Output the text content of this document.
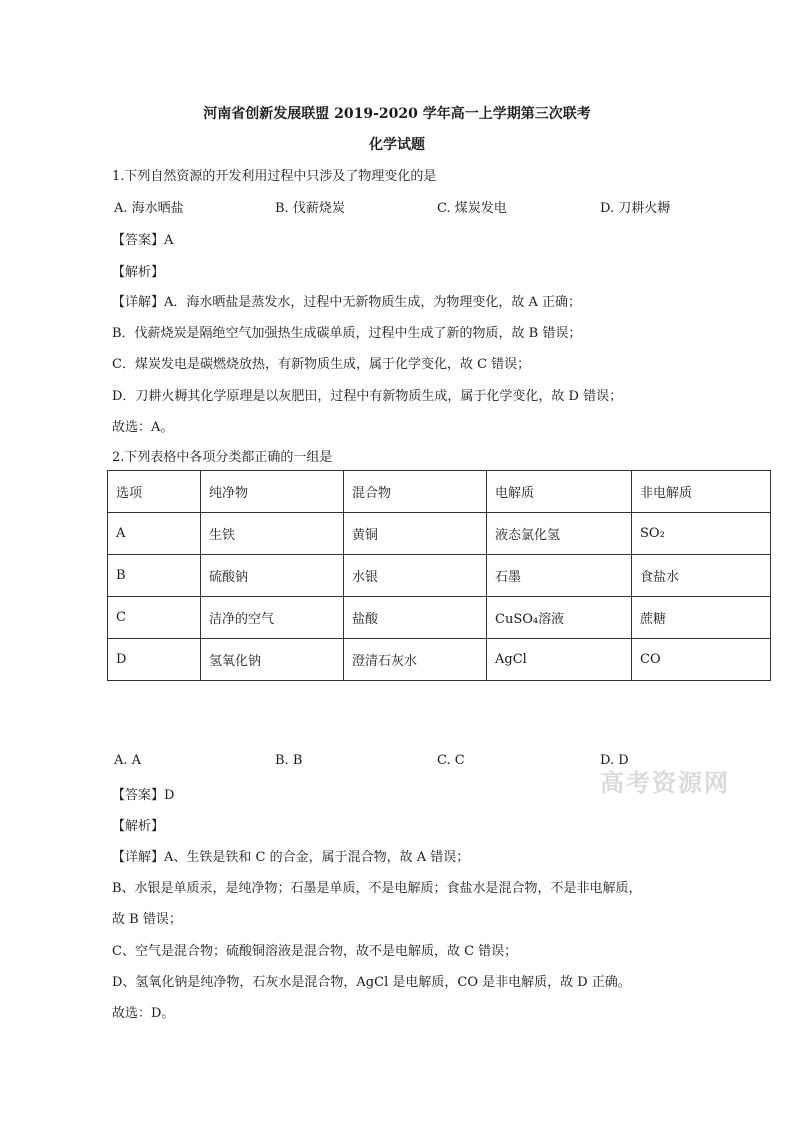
河南省创新发展联盟 2019-2020 学年高一上学期第三次联考
化学试题
1.下列自然资源的开发利用过程中只涉及了物理变化的是
A. 海水晒盐	B. 伐薪烧炭	C. 煤炭发电	D. 刀耕火耨
【答案】A
【解析】
【详解】A．海水晒盐是蒸发水，过程中无新物质生成，为物理变化，故 A 正确；
B．伐薪烧炭是隔绝空气加强热生成碳单质，过程中生成了新的物质，故 B 错误；
C．煤炭发电是碳燃烧放热，有新物质生成，属于化学变化，故 C 错误；
D．刀耕火耨其化学原理是以灰肥田，过程中有新物质生成，属于化学变化，故 D 错误；
故选：A。
2.下列表格中各项分类都正确的一组是
选项	纯净物	混合物	电解质	非电解质
A	生铁	黄铜	液态氯化氢	SO₂
B	硫酸钠	水银	石墨	食盐水
C	洁净的空气	盐酸	CuSO₄溶液	蔗糖
D	氢氧化钠	澄清石灰水	AgCl	CO
A. A	B. B	C. C	D. D
高考资源网
【答案】D
【解析】
【详解】A、生铁是铁和 C 的合金，属于混合物，故 A 错误；
B、水银是单质汞，是纯净物；石墨是单质，不是电解质；食盐水是混合物，不是非电解质，
故 B 错误；
C、空气是混合物；硫酸铜溶液是混合物，故不是电解质，故 C 错误；
D、氢氧化钠是纯净物，石灰水是混合物，AgCl 是电解质，CO 是非电解质，故 D 正确。
故选：D。
